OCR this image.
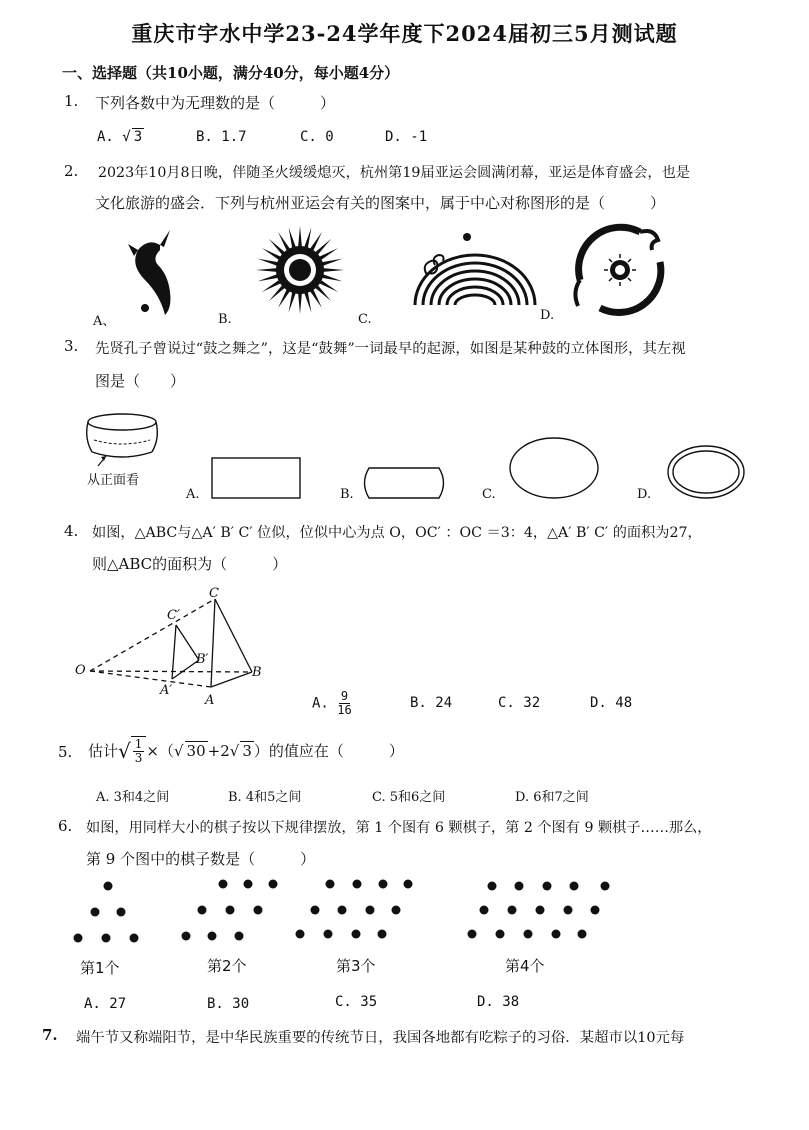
重庆市宇水中学23-24学年度下2024届初三5月测试题
一、选择题（共10小题，满分40分，每小题4分）
1. 下列各数中为无理数的是（　　　）
A. √ 3	B. 1.7	C. 0	D. -1
2. 2023年10月8日晚，伴随圣火缓缓熄灭，杭州第19届亚运会圆满闭幕，亚运是体育盛会，也是
文化旅游的盛会．下列与杭州亚运会有关的图案中，属于中心对称图形的是（　　　）
A、	B.	C.	D.
3. 先贤孔子曾说过“鼓之舞之”，这是“鼓舞”一词最早的起源，如图是某种鼓的立体图形，其左视
图是（　　）
从正面看
A.	B.	C.	D.
4. 如图，△ABC与△A′ B′ C′ 位似，位似中心为点 O，OC′ ：OC ＝3：4，△A′ B′ C′ 的面积为27，
则△ABC的面积为（　　　）
O
C
B
A
C′
B′
A′
A. $\frac{9}{16}$	B. 24	C. 32	D. 48
5. 估计 √ $\frac{1}{3}$ ×（ √ 30 +2 √ 3 ）的值应在（　　　）
A. 3和4之间	B. 4和5之间	C. 5和6之间	D. 6和7之间
6. 如图，用同样大小的棋子按以下规律摆放，第 1 个图有 6 颗棋子，第 2 个图有 9 颗棋子……那么，
第 9 个图中的棋子数是（　　　）
第1个	第2个	第3个	第4个
A. 27	B. 30	C. 35	D. 38
7. 端午节又称端阳节，是中华民族重要的传统节日，我国各地都有吃粽子的习俗．某超市以10元每
